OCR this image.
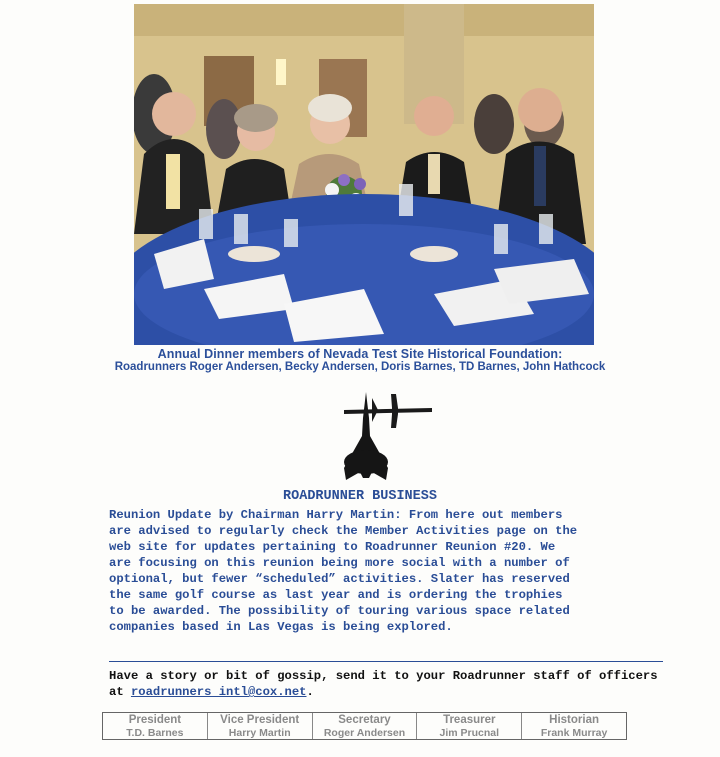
Annual Dinner members of Nevada Test Site Historical Foundation:
Roadrunners Roger Andersen, Becky Andersen, Doris Barnes, TD Barnes, John Hathcock
ROADRUNNER BUSINESS
Reunion Update by Chairman Harry Martin: From here out members
are advised to regularly check the Member Activities page on the
web site for updates pertaining to Roadrunner Reunion #20. We
are focusing on this reunion being more social with a number of
optional, but fewer “scheduled” activities. Slater has reserved
the same golf course as last year and is ordering the trophies
to be awarded. The possibility of touring various space related
companies based in Las Vegas is being explored.
Have a story or bit of gossip, send it to your Roadrunner staff of officers at roadrunners intl@cox.net.
President
T.D. Barnes
Vice President
Harry Martin
Secretary
Roger Andersen
Treasurer
Jim Prucnal
Historian
Frank Murray
